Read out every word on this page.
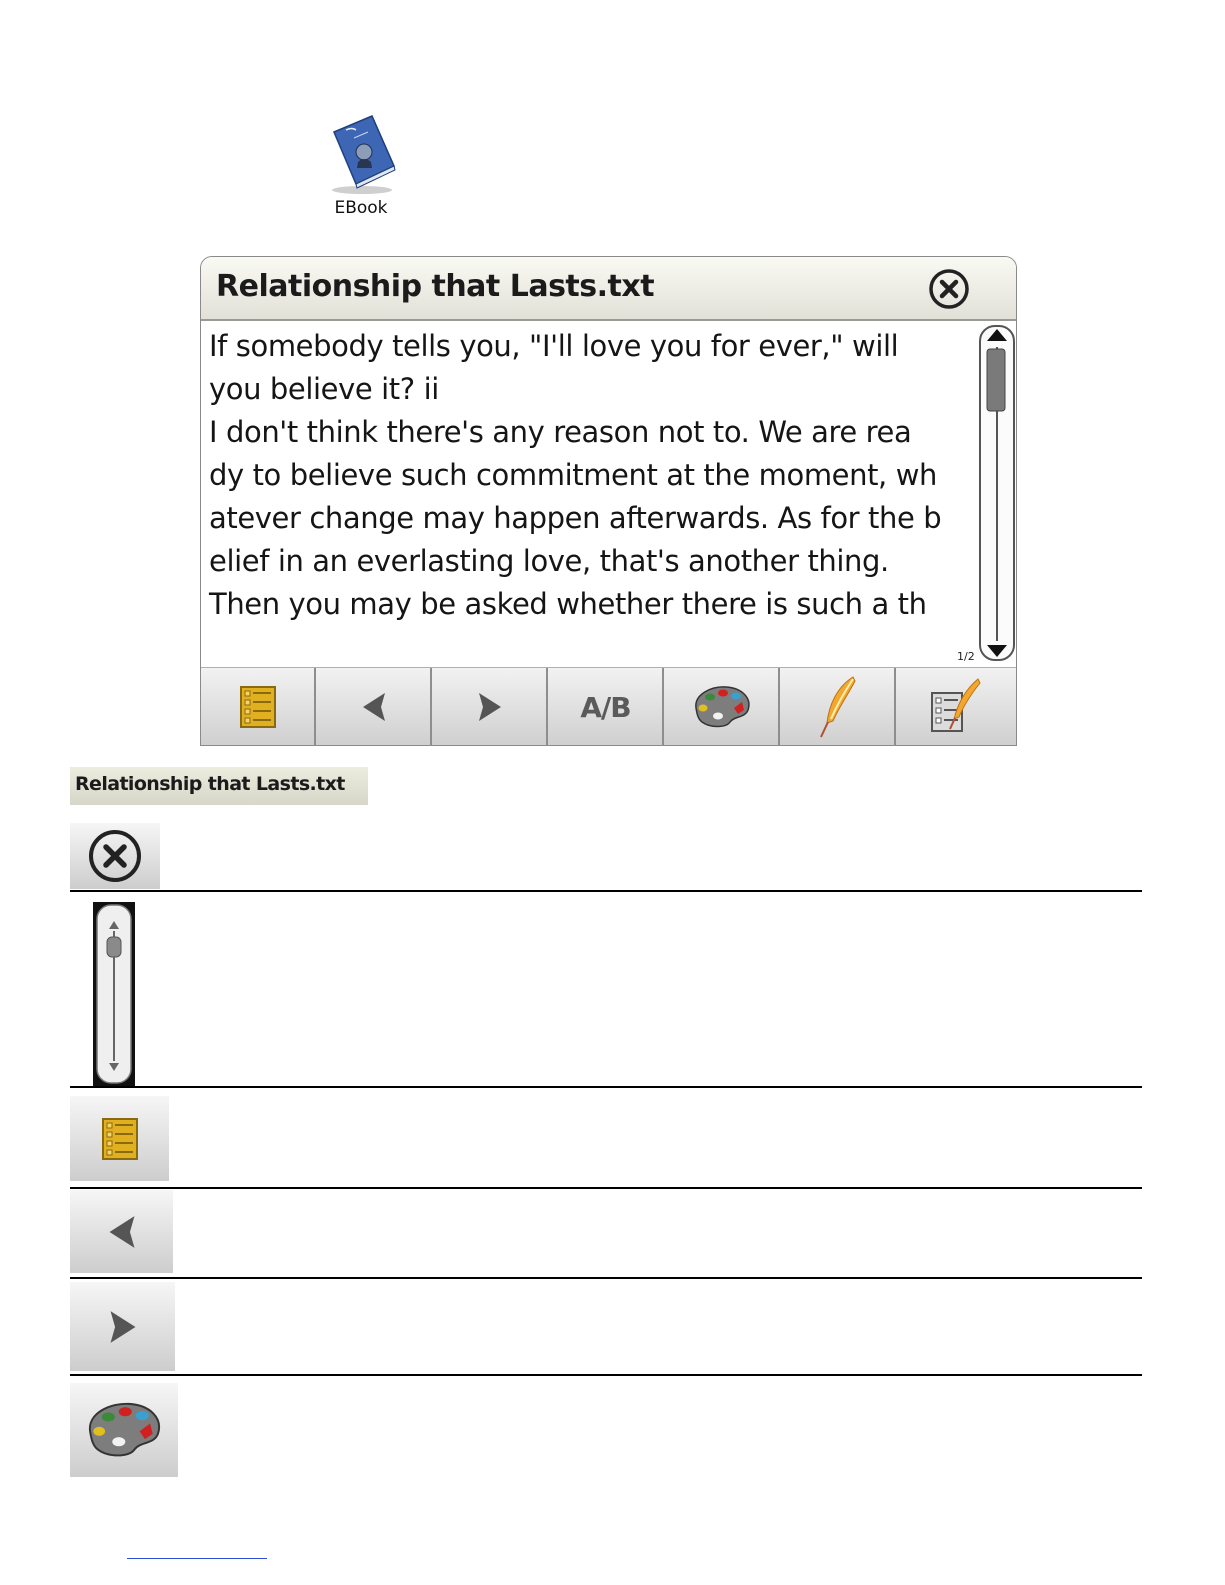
EBook
Relationship that Lasts.txt

If somebody tells you, "I'll love you for ever," will

you believe it? ii

I don't think there's any reason not to. We are rea

dy to believe such commitment at the moment, wh

atever change may happen afterwards. As for the b

elief in an everlasting love, that's another thing.

Then you may be asked whether there is such a th

1/2
A/B
Relationship that Lasts.txt
